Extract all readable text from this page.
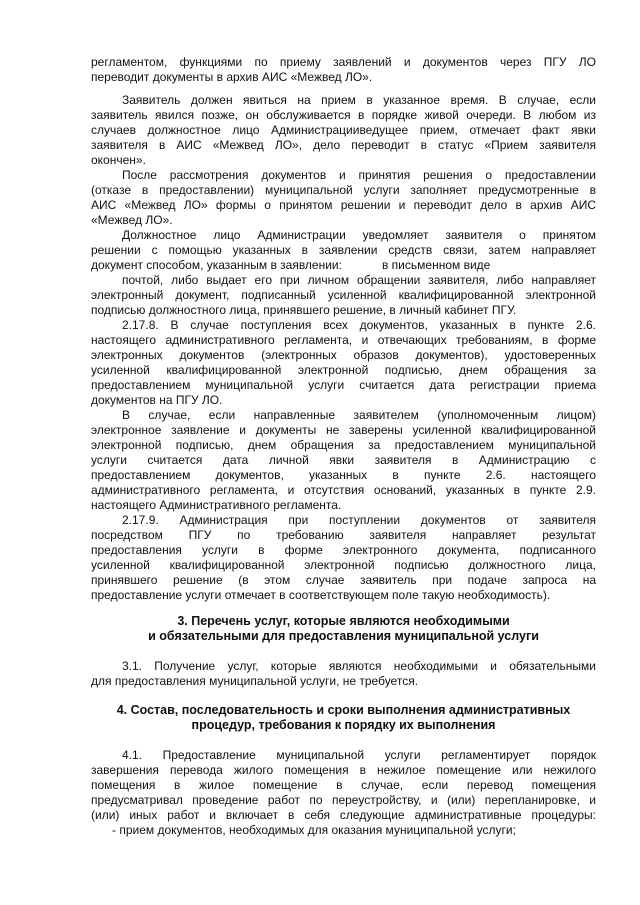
регламентом, функциями по приему заявлений и документов через ПГУ ЛО
переводит документы в архив АИС «Межвед ЛО».
Заявитель должен явиться на прием в указанное время. В случае, если
заявитель явился позже, он обслуживается в порядке живой очереди. В любом из
случаев должностное лицо Администрацииведущее прием, отмечает факт явки
заявителя в АИС «Межвед ЛО», дело переводит в статус «Прием заявителя
окончен».
После рассмотрения документов и принятия решения о предоставлении
(отказе в предоставлении) муниципальной услуги заполняет предусмотренные в
АИС «Межвед ЛО» формы о принятом решении и переводит дело в архив АИС
«Межвед ЛО».
Должностное лицо Администрации уведомляет заявителя о принятом
решении с помощью указанных в заявлении средств связи, затем направляет
документ способом, указанным в заявлении:            в письменном виде
почтой, либо выдает его при личном обращении заявителя, либо направляет
электронный документ, подписанный усиленной квалифицированной электронной
подписью должностного лица, принявшего решение, в личный кабинет ПГУ.
2.17.8. В случае поступления всех документов, указанных в пункте 2.6.
настоящего административного регламента, и отвечающих требованиям, в форме
электронных документов (электронных образов документов), удостоверенных
усиленной квалифицированной электронной подписью, днем обращения за
предоставлением муниципальной услуги считается дата регистрации приема
документов на ПГУ ЛО.
В случае, если направленные заявителем (уполномоченным лицом)
электронное заявление и документы не заверены усиленной квалифицированной
электронной подписью, днем обращения за предоставлением муниципальной
услуги считается дата личной явки заявителя в Администрацию с
предоставлением документов, указанных в пункте 2.6. настоящего
административного регламента, и отсутствия оснований, указанных в пункте 2.9.
настоящего Административного регламента.
2.17.9. Администрация при поступлении документов от заявителя
посредством ПГУ по требованию заявителя направляет результат
предоставления услуги в форме электронного документа, подписанного
усиленной квалифицированной электронной подписью должностного лица,
принявшего решение (в этом случае заявитель при подаче запроса на
предоставление услуги отмечает в соответствующем поле такую необходимость).
3. Перечень услуг, которые являются необходимыми
и обязательными для предоставления муниципальной услуги
3.1. Получение услуг, которые являются необходимыми и обязательными
для предоставления муниципальной услуги, не требуется.
4. Состав, последовательность и сроки выполнения административных
процедур, требования к порядку их выполнения
4.1. Предоставление муниципальной услуги регламентирует порядок
завершения перевода жилого помещения в нежилое помещение или нежилого
помещения в жилое помещение в случае, если перевод помещения
предусматривал проведение работ по переустройству, и (или) перепланировке, и
(или) иных работ и включает в себя следующие административные процедуры:
- прием документов, необходимых для оказания муниципальной услуги;
